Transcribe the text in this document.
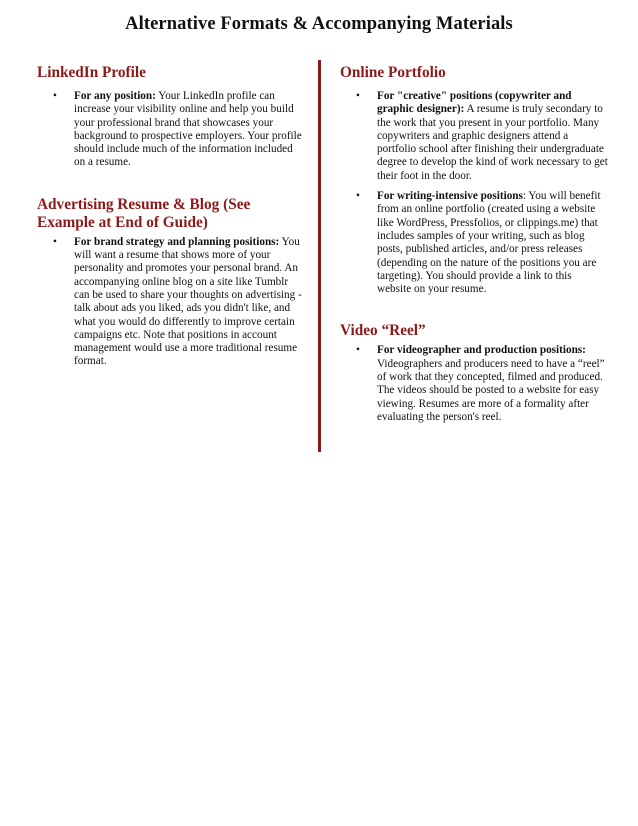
Alternative Formats & Accompanying Materials
LinkedIn Profile
• For any position: Your LinkedIn profile can increase your visibility online and help you build your professional brand that showcases your background to prospective employers. Your profile should include much of the information included on a resume.
Advertising Resume & Blog (See Example at End of Guide)
• For brand strategy and planning positions: You will want a resume that shows more of your personality and promotes your personal brand. An accompanying online blog on a site like Tumblr can be used to share your thoughts on advertising - talk about ads you liked, ads you didn't like, and what you would do differently to improve certain campaigns etc. Note that positions in account management would use a more traditional resume format.
Online Portfolio
• For "creative" positions (copywriter and graphic designer): A resume is truly secondary to the work that you present in your portfolio. Many copywriters and graphic designers attend a portfolio school after finishing their undergraduate degree to develop the kind of work necessary to get their foot in the door.
• For writing-intensive positions: You will benefit from an online portfolio (created using a website like WordPress, Pressfolios, or clippings.me) that includes samples of your writing, such as blog posts, published articles, and/or press releases (depending on the nature of the positions you are targeting). You should provide a link to this website on your resume.
Video “Reel”
• For videographer and production positions: Videographers and producers need to have a “reel” of work that they concepted, filmed and produced. The videos should be posted to a website for easy viewing. Resumes are more of a formality after evaluating the person's reel.
